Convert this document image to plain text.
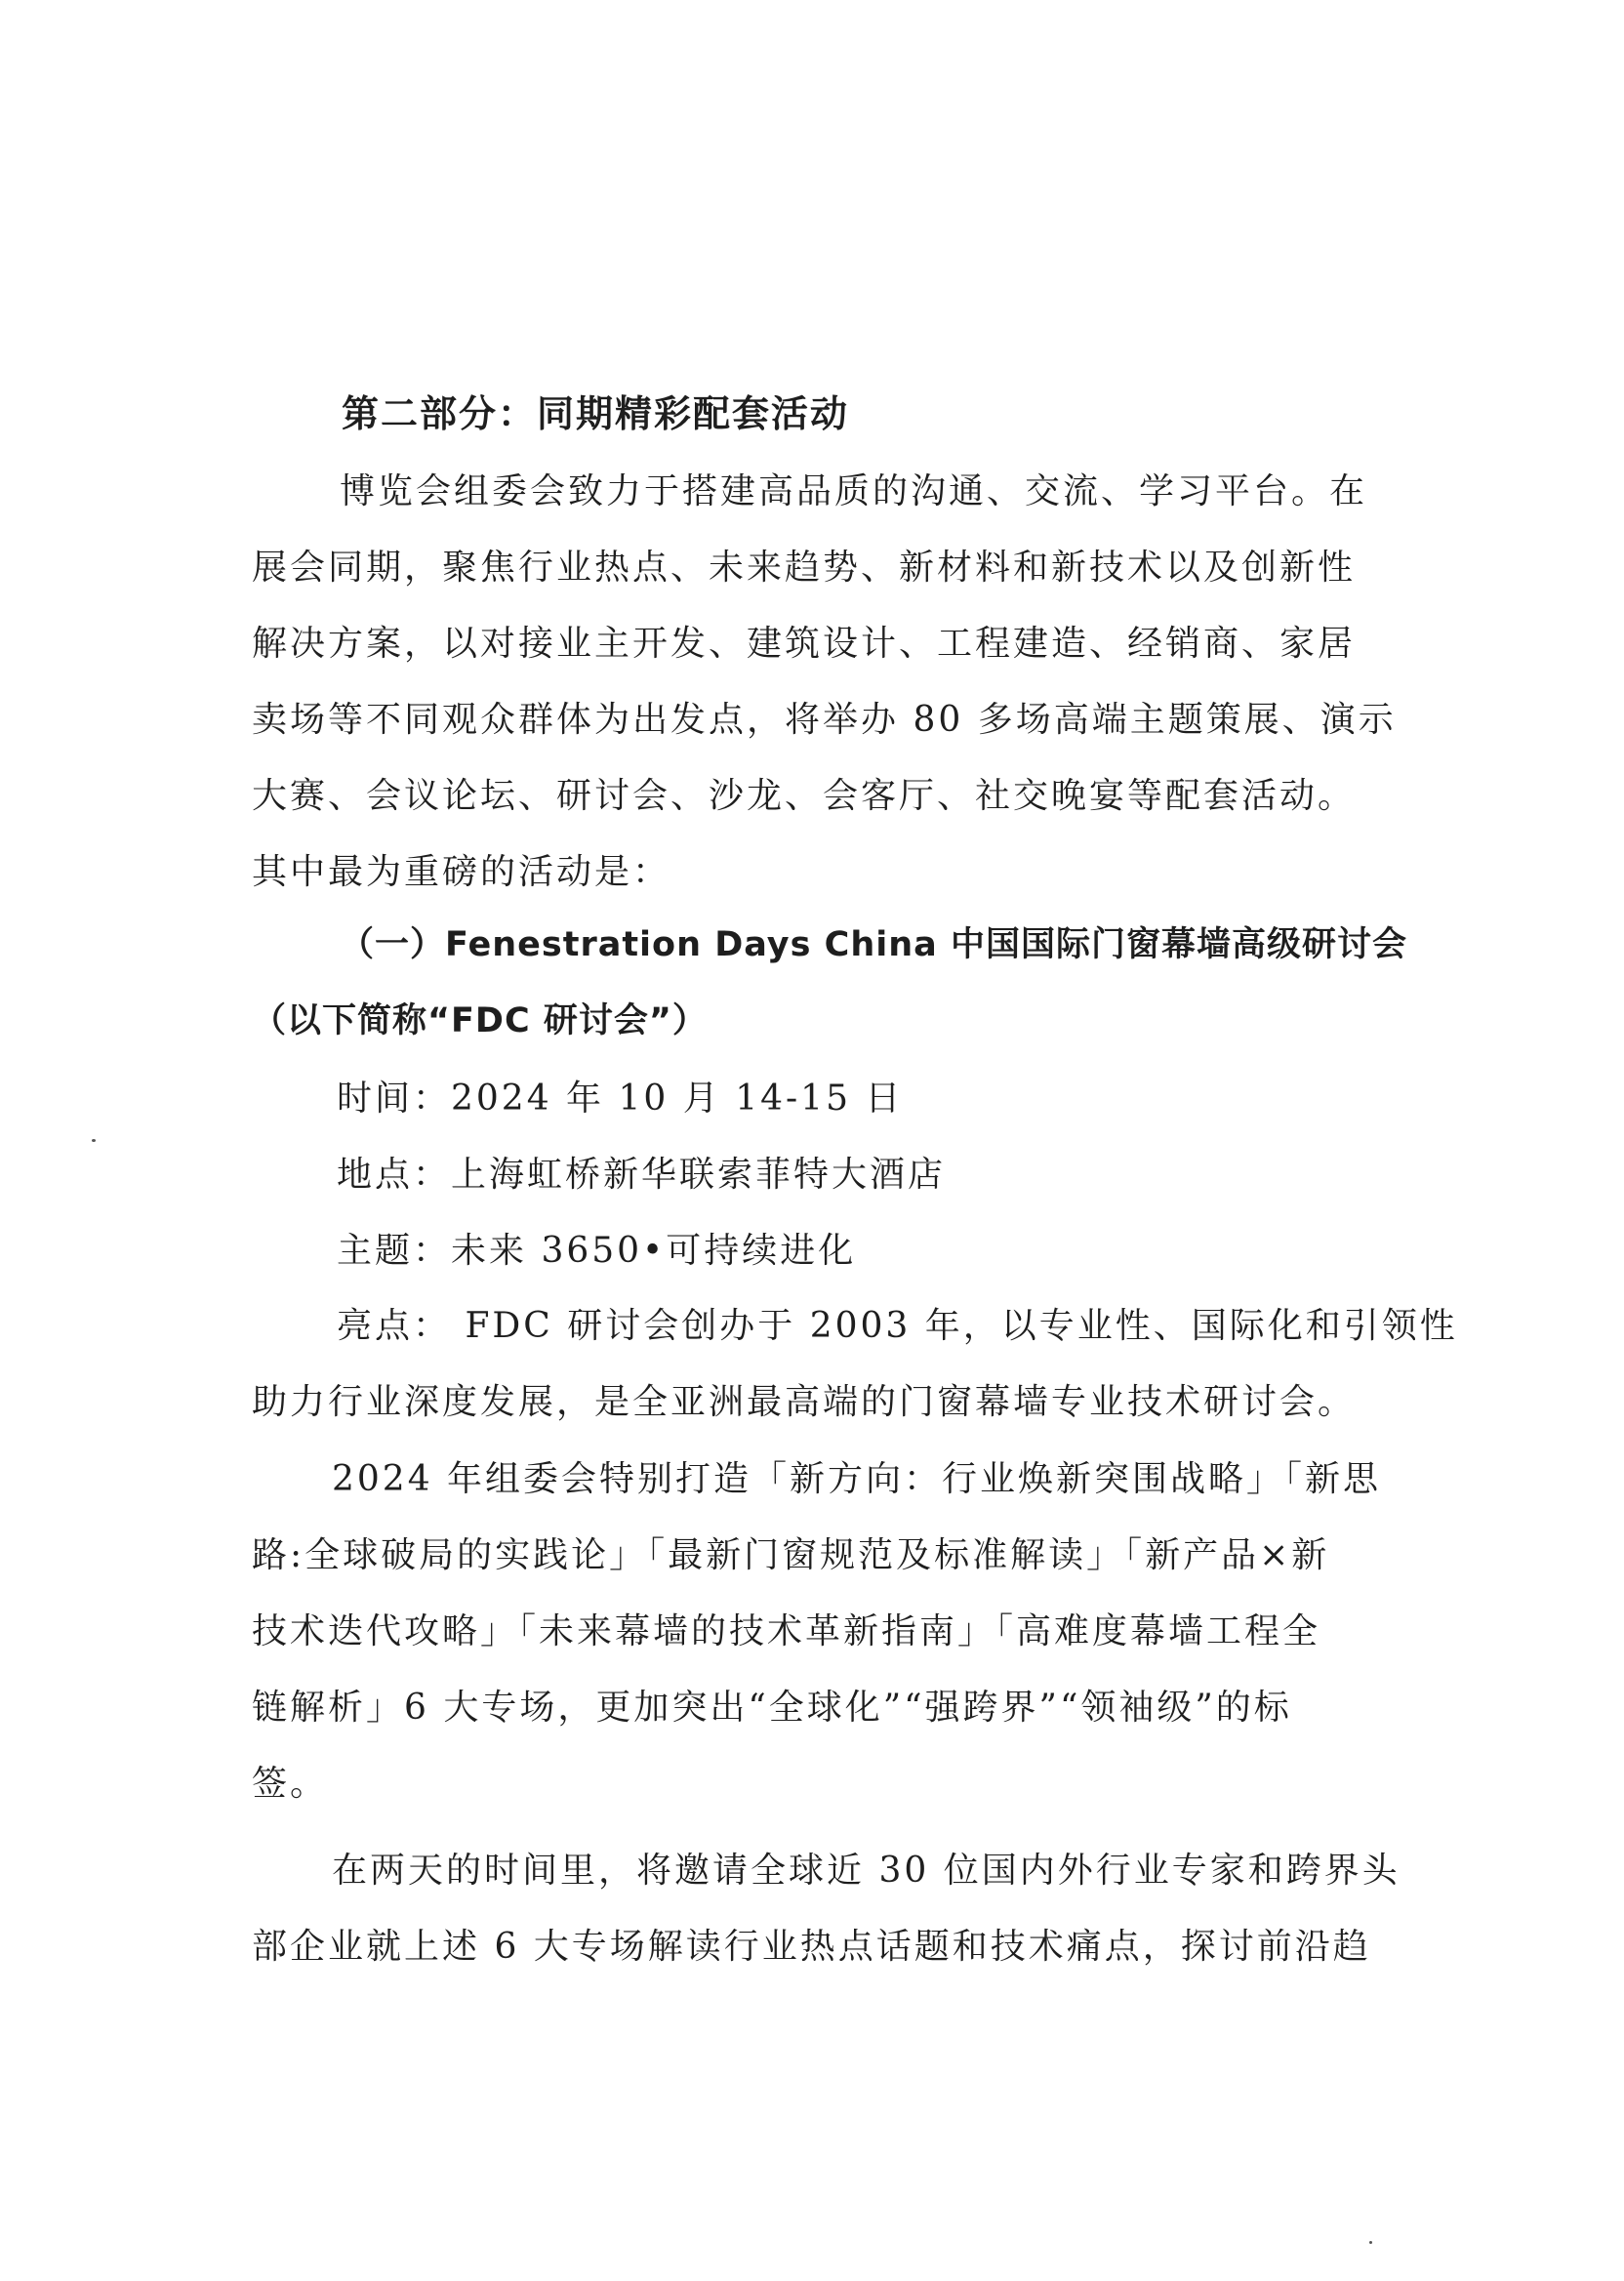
第二部分：同期精彩配套活动
博览会组委会致力于搭建高品质的沟通、交流、学习平台。在
展会同期，聚焦行业热点、未来趋势、新材料和新技术以及创新性
解决方案，以对接业主开发、建筑设计、工程建造、经销商、家居
卖场等不同观众群体为出发点，将举办 80 多场高端主题策展、演示
大赛、会议论坛、研讨会、沙龙、会客厅、社交晚宴等配套活动。
其中最为重磅的活动是：
（一）Fenestration Days China 中国国际门窗幕墙高级研讨会
（以下简称“FDC 研讨会”）
时间：2024 年 10 月 14-15 日
地点：上海虹桥新华联索菲特大酒店
主题：未来 3650•可持续进化
亮点： FDC 研讨会创办于 2003 年，以专业性、国际化和引领性
助力行业深度发展，是全亚洲最高端的门窗幕墙专业技术研讨会。
2024 年组委会特别打造「新方向：行业焕新突围战略」「新思
路:全球破局的实践论」「最新门窗规范及标准解读」「新产品×新
技术迭代攻略」「未来幕墙的技术革新指南」「高难度幕墙工程全
链解析」6 大专场，更加突出“全球化”“强跨界”“领袖级”的标
签。
在两天的时间里，将邀请全球近 30 位国内外行业专家和跨界头
部企业就上述 6 大专场解读行业热点话题和技术痛点，探讨前沿趋
